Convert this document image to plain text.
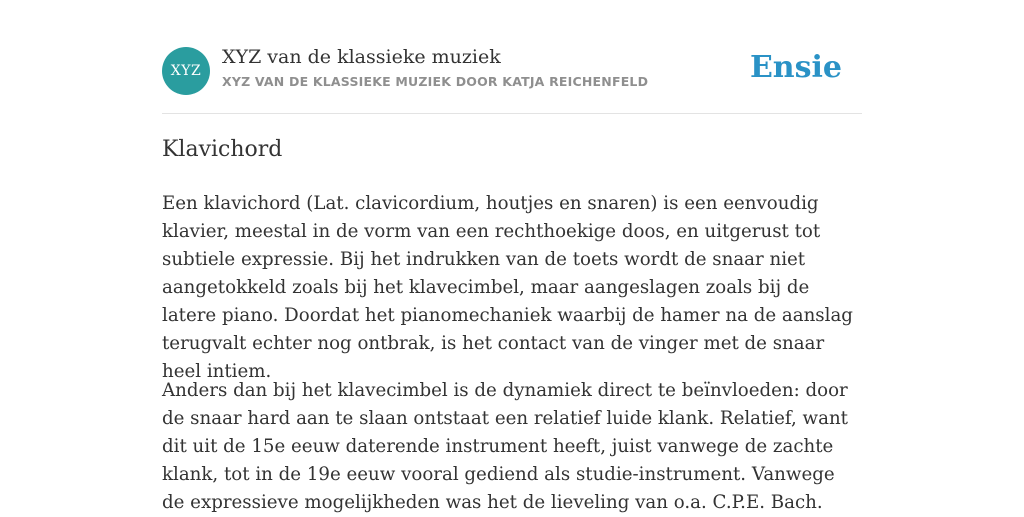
XYZ
XYZ van de klassieke muziek
XYZ VAN DE KLASSIEKE MUZIEK DOOR KATJA REICHENFELD	Ensie
Klavichord

Een klavichord (Lat. clavicordium, houtjes en snaren) is een eenvoudig klavier, meestal in de vorm van een rechthoekige doos, en uitgerust tot subtiele expressie. Bij het indrukken van de toets wordt de snaar niet aangetokkeld zoals bij het klavecimbel, maar aangeslagen zoals bij de latere piano. Doordat het pianomechaniek waarbij de hamer na de aanslag terugvalt echter nog ontbrak, is het contact van de vinger met de snaar heel intiem.

Anders dan bij het klavecimbel is de dynamiek direct te beïnvloeden: door de snaar hard aan te slaan ontstaat een relatief luide klank. Relatief, want dit uit de 15e eeuw daterende instrument heeft, juist vanwege de zachte klank, tot in de 19e eeuw vooral gediend als studie-instrument. Vanwege de expressieve mogelijkheden was het de lieveling van o.a. C.P.E. Bach.
